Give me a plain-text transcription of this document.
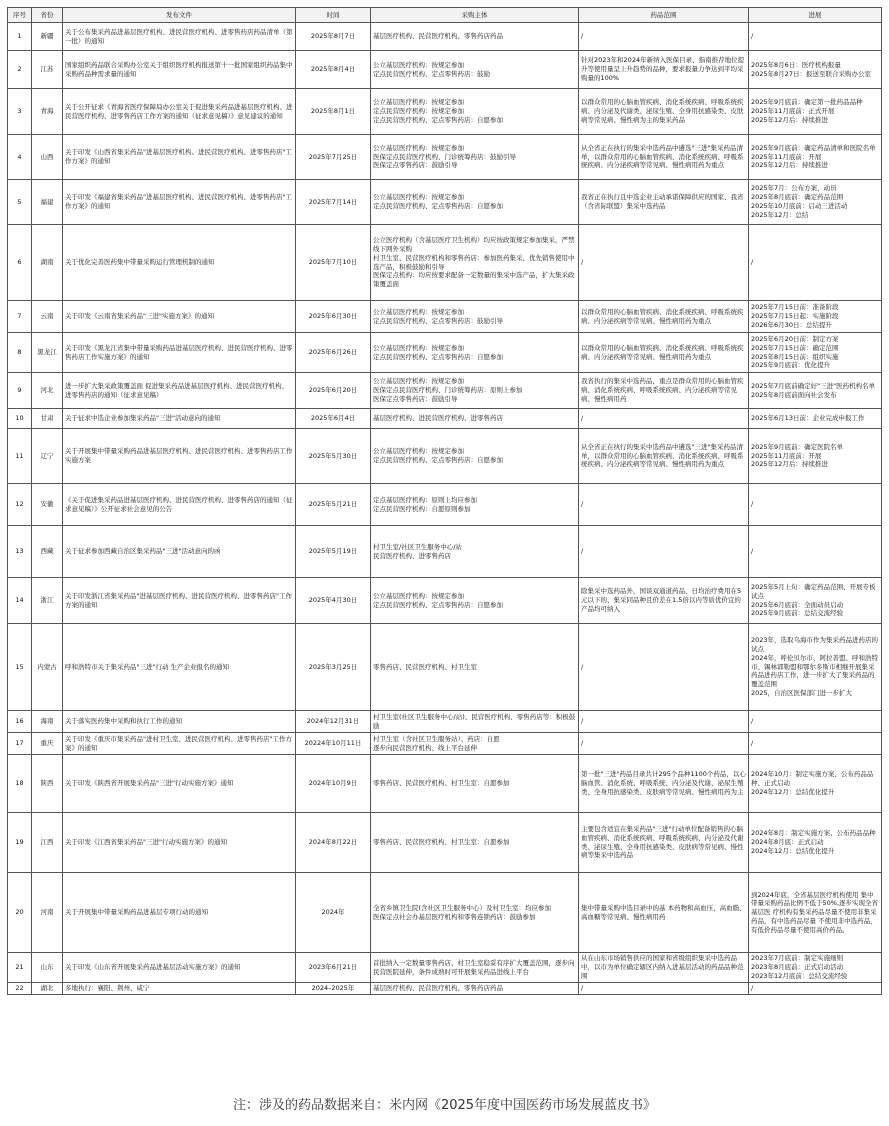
序号	省份	发布文件	时间	采购主体	药品范围	进展
1	新疆	关于公布集采药品进基层医疗机构、进民营医疗机构、进零售药店药品清单（第一批）的通知	2025年8月7日	基层医疗机构、民营医疗机构、零售药店药品	/	/
2	江苏	国家组织药品联合采购办公室关于组织医疗机构报送第十一批国家组织药品集中采购药品种需求量的通知	2025年8月4日	公立基层医疗机构：按规定参加
定点民营医疗机构、定点零售药店：鼓励	针对2023年和2024年新纳入医保目录、指南推荐地位提升等使用量呈上升趋势的品种，要求报量力争达到平均采购量的100%	2025年8月6日：医疗机构报量
2025年8月27日：报送至联合采购办公室
3	青海	关于公开征求《青海省医疗保障局办公室关于促进集采药品进基层医疗机构、进民营医疗机构、进零售药店工作方案的通知（征求意见稿）》意见建议的通知	2025年8月1日	公立基层医疗机构：按规定参加
定点民营医疗机构：按规定参加
定点民营医疗机构、定点零售药店：自愿参加	以群众常用的心脑血管疾病、消化系统疾病、呼吸系统疾病、内分泌及代谢类、泌尿生殖、全身用抗感染类、皮肤病等常见病、慢性病为主的集采药品	2025年9月底前：确定第一批药品品种
2025年11月底前：正式开展
2025年12月后：持续推进
4	山西	关于印发《山西省集采药品"进基层医疗机构、进民营医疗机构、进零售药店"工作方案》的通知	2025年7月25日	公立基层医疗机构：按规定参加
医保定点民营医疗机构、门诊统筹药店：鼓励引导
医保定点零售药店：鼓励引导	从全省正在执行的集采中选药品中遴选"三进"集采药品清单，以群众常用的心脑血管疾病、消化系统疾病、呼吸系统疾病、内分泌疾病等常见病、慢性病用药为重点	2025年9月底前：确定药品清单和医院名单
2025年11月底前：开展
2025年12月后：持续推进
5	福建	关于印发《福建省集采药品"进基层医疗机构、进民营医疗机构、进零售药店"工作方案》的通知	2025年7月14日	公立基层医疗机构：按规定参加
定点民营医疗机构、定点零售药店：自愿参加	我省正在执行且中选企业主动承诺保障供应的国家、我省（含省际联盟）集采中选药品	2025年7月：公布方案，动员
2025年8月底前：确定药品范围
2025年10月底前：启动三进活动
2025年12月：总结
6	湖南	关于优化完善医药集中带量采购运行管理机制的通知	2025年7月10日	公立医疗机构（含基层医疗卫生机构）均应按政策规定参加集采，严禁线下网外采购
村卫生室、民营医疗机构和零售药店：参加医药集采、优先销售使用中选产品，积极鼓励和引导
医保定点机构：均应按要求配备一定数量的集采中选产品，扩大集采政策覆盖面	/	/
7	云南	关于印发《云南省集采药品"三进"实施方案》的通知	2025年6月30日	公立基层医疗机构：按规定参加
定点民营医疗机构、定点零售药店：鼓励引导	以群众常用的心脑血管疾病、消化系统疾病、呼吸系统疾病、内分泌疾病等常见病、慢性病用药为重点	2025年7月15日前：准备阶段
2025年7月15日起：实施阶段
2026年6月30日：总结提升
8	黑龙江	关于印发《黑龙江省集中带量采购药品进基层医疗机构、进民营医疗机构、进零售药店工作实施方案》的通知	2025年6月26日	公立基层医疗机构：按规定参加
定点民营医疗机构、定点零售药店：自愿参加	以群众常用的心脑血管疾病、消化系统疾病、呼吸系统疾病、内分泌疾病等常见病、慢性病用药为重点	2025年6月20日前：制定方案
2025年7月15日前：确定范围
2025年8月15日前：组织实施
2025年9月底前：优化提升
9	河北	进一步扩大集采政策覆盖面 促进集采药品进基层医疗机构、进民营医疗机构、进零售药店的通知（征求意见稿）	2025年6月20日	公立基层医疗机构：按规定参加
医保定点民营医疗机构、门诊统筹药店：原则上参加
医保定点零售药店：鼓励引导	我省执行的集采中选药品，重点是群众常用的心脑血管疾病、消化系统疾病、呼吸系统疾病、内分泌疾病等常见病、慢性病用药	2025年7月底前确定好"三进"医药机构名单
2025年8月底前面向社会发布
10	甘肃	关于征求中选企业参加集采药品"三进"活动意向的通知	2025年6月4日	基层医疗机构、进民营医疗机构、进零售药店	/	2025年6月13日前：企业完成申报工作
11	辽宁	关于开展集中带量采购药品进基层医疗机构、进民营医疗机构、进零售药店工作实施方案	2025年5月30日	公立基层医疗机构：按规定参加
定点民营医疗机构、定点零售药店：自愿参加	从全省正在执行的集采中选药品中遴选"三进"集采药品清单，以群众常用的心脑血管疾病、消化系统疾病、呼吸系统疾病、内分泌疾病等常见病、慢性病用药为重点	2025年9月底前：确定医院名单
2025年11月底前：开展
2025年12月后：持续推进
12	安徽	《关于促进集采药品进基层医疗机构、进民营医疗机构、进零售药店的通知（征求意见稿）》公开征求社会意见的公告	2025年5月21日	定点基层医疗机构：原则上均应参加
定点民营医疗机构：自愿原则参加	/	/
13	西藏	关于征求参加西藏自治区集采药品"三进"活动意向的函	2025年5月19日	村卫生室/社区卫生服务中心/站
民营医疗机构、进零售药店	/	/
14	浙江	关于印发浙江省集采药品"进基层医疗机构、进民营医疗机构、进零售药店"工作方案的通知	2025年4月30日	公立基层医疗机构：按规定参加
定点民营医疗机构、定点零售药店：自愿参加	除集采中选药品外，国谈双通道药品、日均治疗费用在5元以下的、集采同品种且价差在1.5倍以内等质优价宜的产品均可纳入	2025年5月上旬：确定药品范围、开展专板试点
2025年6月底前：全面动员启动
2025年9月底前：总结交流经验
15	内蒙古	呼和浩特市关于集采药品"三进"行动 生产企业报名的通知	2025年3月25日	零售药店、民营医疗机构、村卫生室	/	2023年，选取乌海市作为集采药品进药店的试点
2024年，呼伦贝尔市、阿拉善盟、呼和浩特市、锡林郭勒盟和鄂尔多斯市相继开展集采药品进药店工作，进一步扩大了集采药品的覆盖范围
2025，自治区医保部门进一步扩大
16	海南	关于落实医药集中采购和执行工作的通知	2024年12月31日	村卫生室(社区卫生服务中心/站)、民营医疗机构、零售药店等：积极鼓励	/	/
17	重庆	关于印发《重庆市集采药品"进村卫生室、进民营医疗机构、进零售药店"工作方案》的通知	20224年10月11日	村卫生室（含社区卫生服务站）、药店：自愿
逐步向民营医疗机构、线上平台延伸	/	/
18	陕西	关于印发《陕西省开展集采药品"三进"行动实施方案》通知	2024年10月9日	零售药店、民营医疗机构、村卫生室：自愿参加	第一批"三进"药品目录共计295个品种1100个药品，以心脑血管、消化系统、呼吸系统、内分泌及代谢、泌尿生殖类、全身用抗感染类、皮肤病等常见病、慢性病用药为主	2024年10月：制定实施方案、公布药品品种、正式启动
2024年12月：总结优化提升
19	江西	关于印发《江西省集采药品"三进"行动实施方案》的通知	2024年8月22日	零售药店、民营医疗机构、村卫生室：自愿参加	主要包含适宜在集采药品"三进"行动单位配备销售的心脑血管疾病、消化系统疾病、呼吸系统疾病、内分泌及代谢类、泌尿生殖、全身用抗感染类、皮肤病等常见病、慢性病等集采中选药品	2024年8月：制定实施方案、公布药品品种
2024年8月底：正式启动
2024年12月：总结优化提升
20	河南	关于开展集中带量采购药品进基层专项行动的通知	2024年	全省乡镇卫生院(含社区卫生服务中心）及村卫生室：均应参加
医保定点社会办基层医疗机构和零售连锁药店：鼓励参加	集中带量采购中选目录中的基 本药物和高血压、高血脂、高血糖等常见病、慢性病用药	到2024年底，全省基层医疗机构使用 集中带量采购药品比例不低于50%,逐步实现全省基层医 疗机构有集采药品尽量不使用非集采药品，有中选药品尽量 不使用非中选药品，有低价药品尽量不使用高价药品。
21	山东	关于印发《山东省开展集采药品进基层活动实施方案》的通知	2023年6月21日	首批纳入一定数量零售药店、村卫生室稳妥有序扩大覆盖范围，逐步向民营医院延伸，条件成熟时可开展集采药品进线上平台	从在山东市场销售供应的国家和省级组织集采中选药品中，以市为单位确定辖区内纳入进基层活动的药品品种范围	2023年7月底前：制定实施细则
2023年8月底前：正式启动活动
2023年12月底前：总结交流经验
22	湖北	多地执行：襄阳、荆州、咸宁	2024–2025年	基层医疗机构、民营医疗机构、零售药店药品	/	/
注：涉及的药品数据来自：米内网《2025年度中国医药市场发展蓝皮书》
